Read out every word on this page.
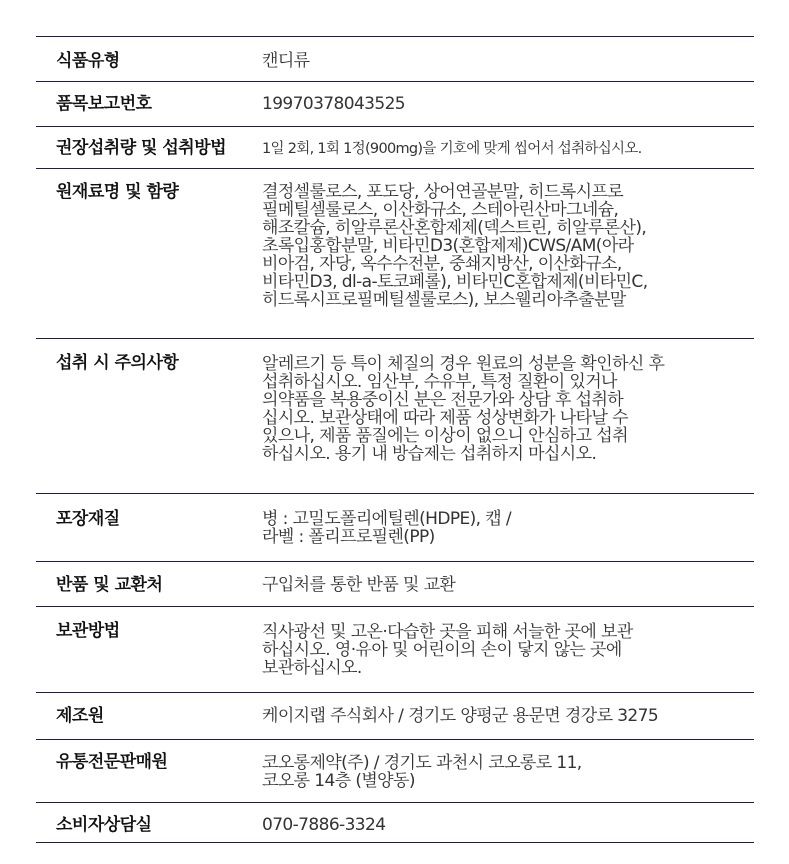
식품유형	캔디류
품목보고번호	19970378043525
권장섭취량 및 섭취방법	1일 2회, 1회 1정(900mg)을 기호에 맞게 씹어서 섭취하십시오.
원재료명 및 함량	결정셀룰로스, 포도당, 상어연골분말, 히드록시프로
필메틸셀룰로스, 이산화규소, 스테아린산마그네슘,
해조칼슘, 히알루론산혼합제제(덱스트린, 히알루론산),
초록입홍합분말, 비타민D3(혼합제제)CWS/AM(아라
비아검, 자당, 옥수수전분, 중쇄지방산, 이산화규소,
비타민D3, dl-a-토코페롤), 비타민C혼합제제(비타민C,
히드록시프로필메틸셀룰로스), 보스웰리아추출분말
섭취 시 주의사항	알레르기 등 특이 체질의 경우 원료의 성분을 확인하신 후
섭취하십시오. 임산부, 수유부, 특정 질환이 있거나
의약품을 복용중이신 분은 전문가와 상담 후 섭취하
십시오. 보관상태에 따라 제품 성상변화가 나타날 수
있으나, 제품 품질에는 이상이 없으니 안심하고 섭취
하십시오. 용기 내 방습제는 섭취하지 마십시오.
포장재질	병 : 고밀도폴리에틸렌(HDPE), 캡 /
라벨 : 폴리프로필렌(PP)
반품 및 교환처	구입처를 통한 반품 및 교환
보관방법	직사광선 및 고온·다습한 곳을 피해 서늘한 곳에 보관
하십시오. 영·유아 및 어린이의 손이 닿지 않는 곳에
보관하십시오.
제조원	케이지랩 주식회사 / 경기도 양평군 용문면 경강로 3275
유통전문판매원	코오롱제약(주) / 경기도 과천시 코오롱로 11,
코오롱 14층 (별양동)
소비자상담실	070-7886-3324
